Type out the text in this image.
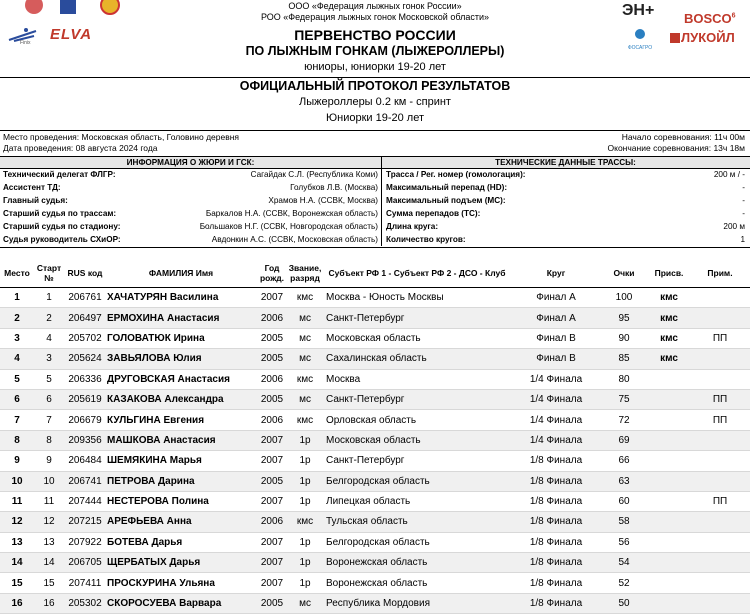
Finix ELVA
$ЭН+ BOSCO^6$
ФОСАГРО
ЛУКОЙЛ
ООО «Федерация лыжных гонок России»
РОО «Федерация лыжных гонок Московской области»
ПЕРВЕНСТВО РОССИИ
ПО ЛЫЖНЫМ ГОНКАМ (ЛЫЖЕРОЛЛЕРЫ)
юниоры, юниорки 19-20 лет
ОФИЦИАЛЬНЫЙ ПРОТОКОЛ РЕЗУЛЬТАТОВ
Лыжероллеры 0.2 км - спринт
Юниорки 19-20 лет
Место проведения: Московская область, Головино деревня	Начало соревнования: 11ч 00м
Дата проведения: 08 августа 2024 года	Окончание соревнования: 13ч 18м
ИНФОРМАЦИЯ О ЖЮРИ И ГСК:	ТЕХНИЧЕСКИЕ ДАННЫЕ ТРАССЫ:
Технический делегат ФЛГР:	Сагайдак С.Л. (Республика Коми)
Ассистент ТД:	Голубков Л.В. (Москва)
Главный судья:	Храмов Н.А. (ССВК, Москва)
Старший судья по трассам:	Баркалов Н.А. (ССВК, Воронежская область)
Старший судья по стадиону:	Большаков Н.Г. (ССВК, Новгородская область)
Судья руководитель СХиОР:	Авдонкин А.С. (ССВК, Московская область)
Трасса / Рег. номер (гомологация):	200 м / -
Максимальный перепад (HD):	-
Максимальный подъем (MC):	-
Сумма перепадов (ТС):	-
Длина круга:	200 м
Количество кругов:	1
Место	Старт №	RUS код	ФАМИЛИЯ Имя	Год рожд.	Звание, разряд	Субъект РФ 1 - Субъект РФ 2 - ДСО - Клуб	Круг	Очки	Присв.	Прим.
1	1	206761	ХАЧАТУРЯН Василина	2007	кмс	Москва - Юность Москвы	Финал А	100	кмс	
2	2	206497	ЕРМОХИНА Анастасия	2006	мс	Санкт-Петербург	Финал А	95	кмс	
3	4	205702	ГОЛОВАТЮК Ирина	2005	мс	Московская область	Финал В	90	кмс	ПП
4	3	205624	ЗАВЬЯЛОВА Юлия	2005	мс	Сахалинская область	Финал В	85	кмс	
5	5	206336	ДРУГОВСКАЯ Анастасия	2006	кмс	Москва	1/4 Финала	80		
6	6	205619	КАЗАКОВА Александра	2005	мс	Санкт-Петербург	1/4 Финала	75		ПП
7	7	206679	КУЛЬГИНА Евгения	2006	кмс	Орловская область	1/4 Финала	72		ПП
8	8	209356	МАШКОВА Анастасия	2007	1р	Московская область	1/4 Финала	69		
9	9	206484	ШЕМЯКИНА Марья	2007	1р	Санкт-Петербург	1/8 Финала	66		
10	10	206741	ПЕТРОВА Дарина	2005	1р	Белгородская область	1/8 Финала	63		
11	11	207444	НЕСТЕРОВА Полина	2007	1р	Липецкая область	1/8 Финала	60		ПП
12	12	207215	АРЕФЬЕВА Анна	2006	кмс	Тульская область	1/8 Финала	58		
13	13	207922	БОТЕВА Дарья	2007	1р	Белгородская область	1/8 Финала	56		
14	14	206705	ЩЕРБАТЫХ Дарья	2007	1р	Воронежская область	1/8 Финала	54		
15	15	207411	ПРОСКУРИНА Ульяна	2007	1р	Воронежская область	1/8 Финала	52		
16	16	205302	СКОРОСУЕВА Варвара	2005	мс	Республика Мордовия	1/8 Финала	50		
